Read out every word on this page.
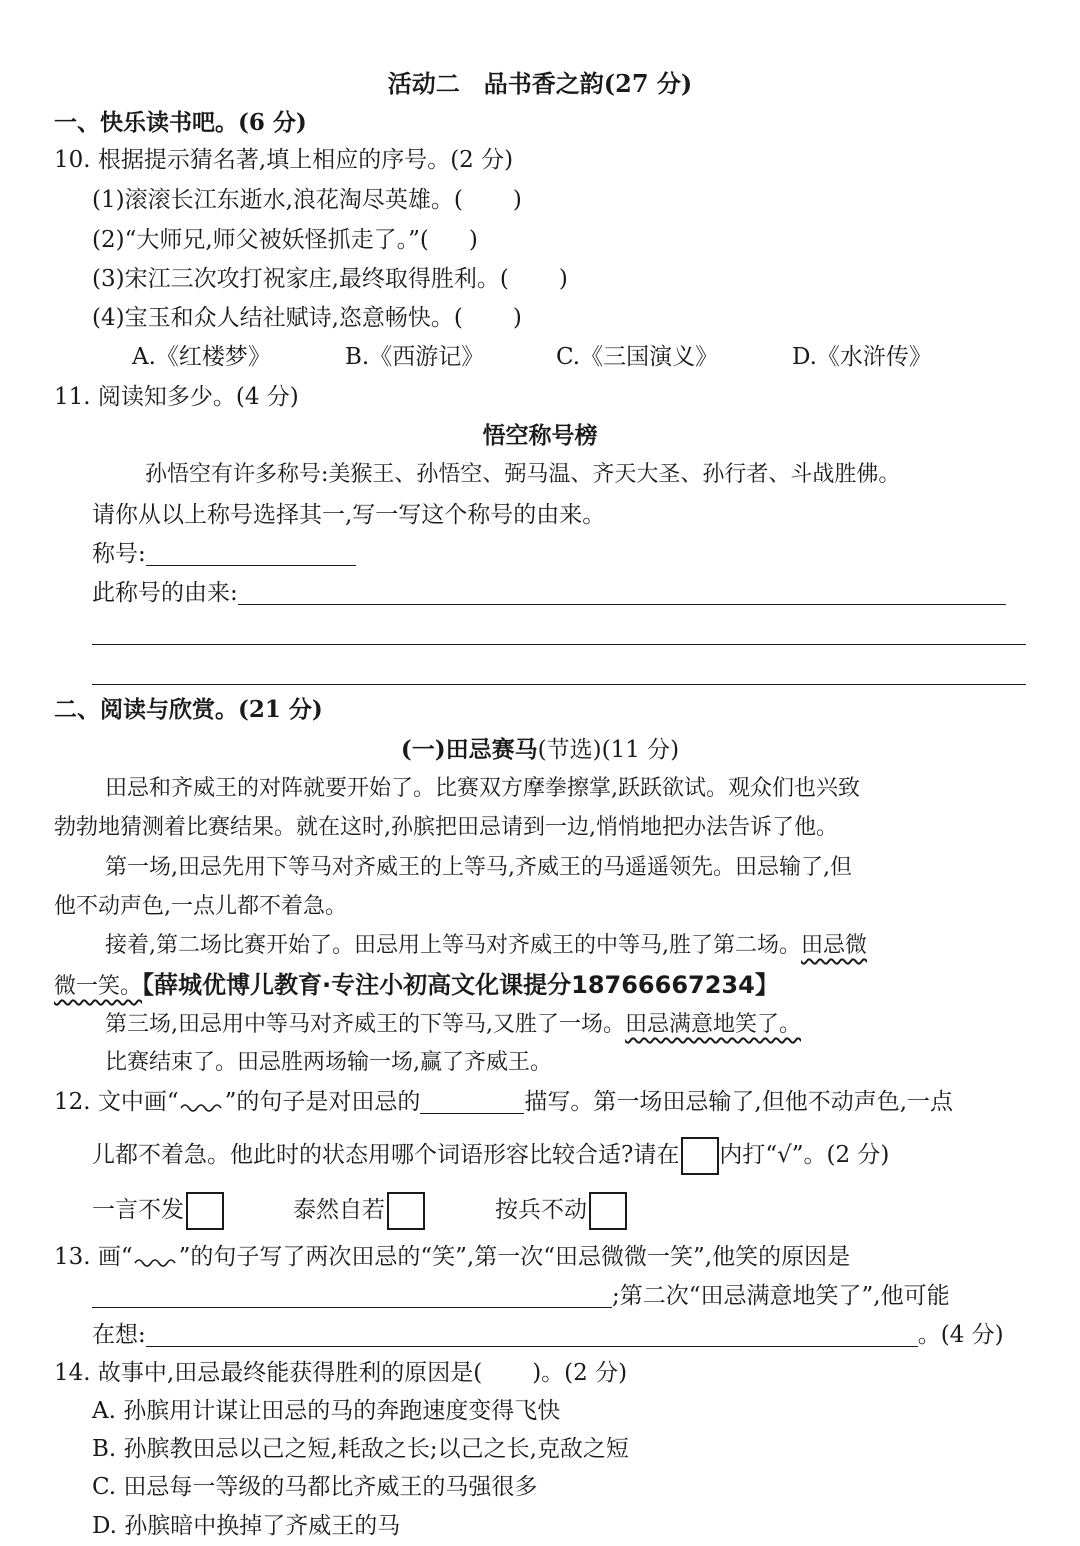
活动二　品书香之韵(27 分)
一、快乐读书吧。(6 分)
10. 根据提示猜名著,填上相应的序号。(2 分)
(1)滚滚长江东逝水,浪花淘尽英雄。( )
(2)“大师兄,师父被妖怪抓走了。”( )
(3)宋江三次攻打祝家庄,最终取得胜利。( )
(4)宝玉和众人结社赋诗,恣意畅快。( )
A.《红楼梦》	B.《西游记》	C.《三国演义》	D.《水浒传》
11. 阅读知多少。(4 分)
悟空称号榜
孙悟空有许多称号:美猴王、孙悟空、弼马温、齐天大圣、孙行者、斗战胜佛。
请你从以上称号选择其一,写一写这个称号的由来。
称号:
此称号的由来:
二、阅读与欣赏。(21 分)
(一)田忌赛马(节选)(11 分)
田忌和齐威王的对阵就要开始了。比赛双方摩拳擦掌,跃跃欲试。观众们也兴致
勃勃地猜测着比赛结果。就在这时,孙膑把田忌请到一边,悄悄地把办法告诉了他。
第一场,田忌先用下等马对齐威王的上等马,齐威王的马遥遥领先。田忌输了,但
他不动声色,一点儿都不着急。
接着,第二场比赛开始了。田忌用上等马对齐威王的中等马,胜了第二场。田忌微
微一笑。【薛城优博儿教育·专注小初高文化课提分18766667234】
第三场,田忌用中等马对齐威王的下等马,又胜了一场。田忌满意地笑了。
比赛结束了。田忌胜两场输一场,赢了齐威王。
12. 文中画“ ”的句子是对田忌的	描写。第一场田忌输了,但他不动声色,一点
儿都不着急。他此时的状态用哪个词语形容比较合适?请在 内打“√”。(2 分)
一言不发	泰然自若	按兵不动
13. 画“ ”的句子写了两次田忌的“笑”,第一次“田忌微微一笑”,他笑的原因是
;第二次“田忌满意地笑了”,他可能
在想:	。(4 分)
14. 故事中,田忌最终能获得胜利的原因是( )。(2 分)
A. 孙膑用计谋让田忌的马的奔跑速度变得飞快
B. 孙膑教田忌以己之短,耗敌之长;以己之长,克敌之短
C. 田忌每一等级的马都比齐威王的马强很多
D. 孙膑暗中换掉了齐威王的马
